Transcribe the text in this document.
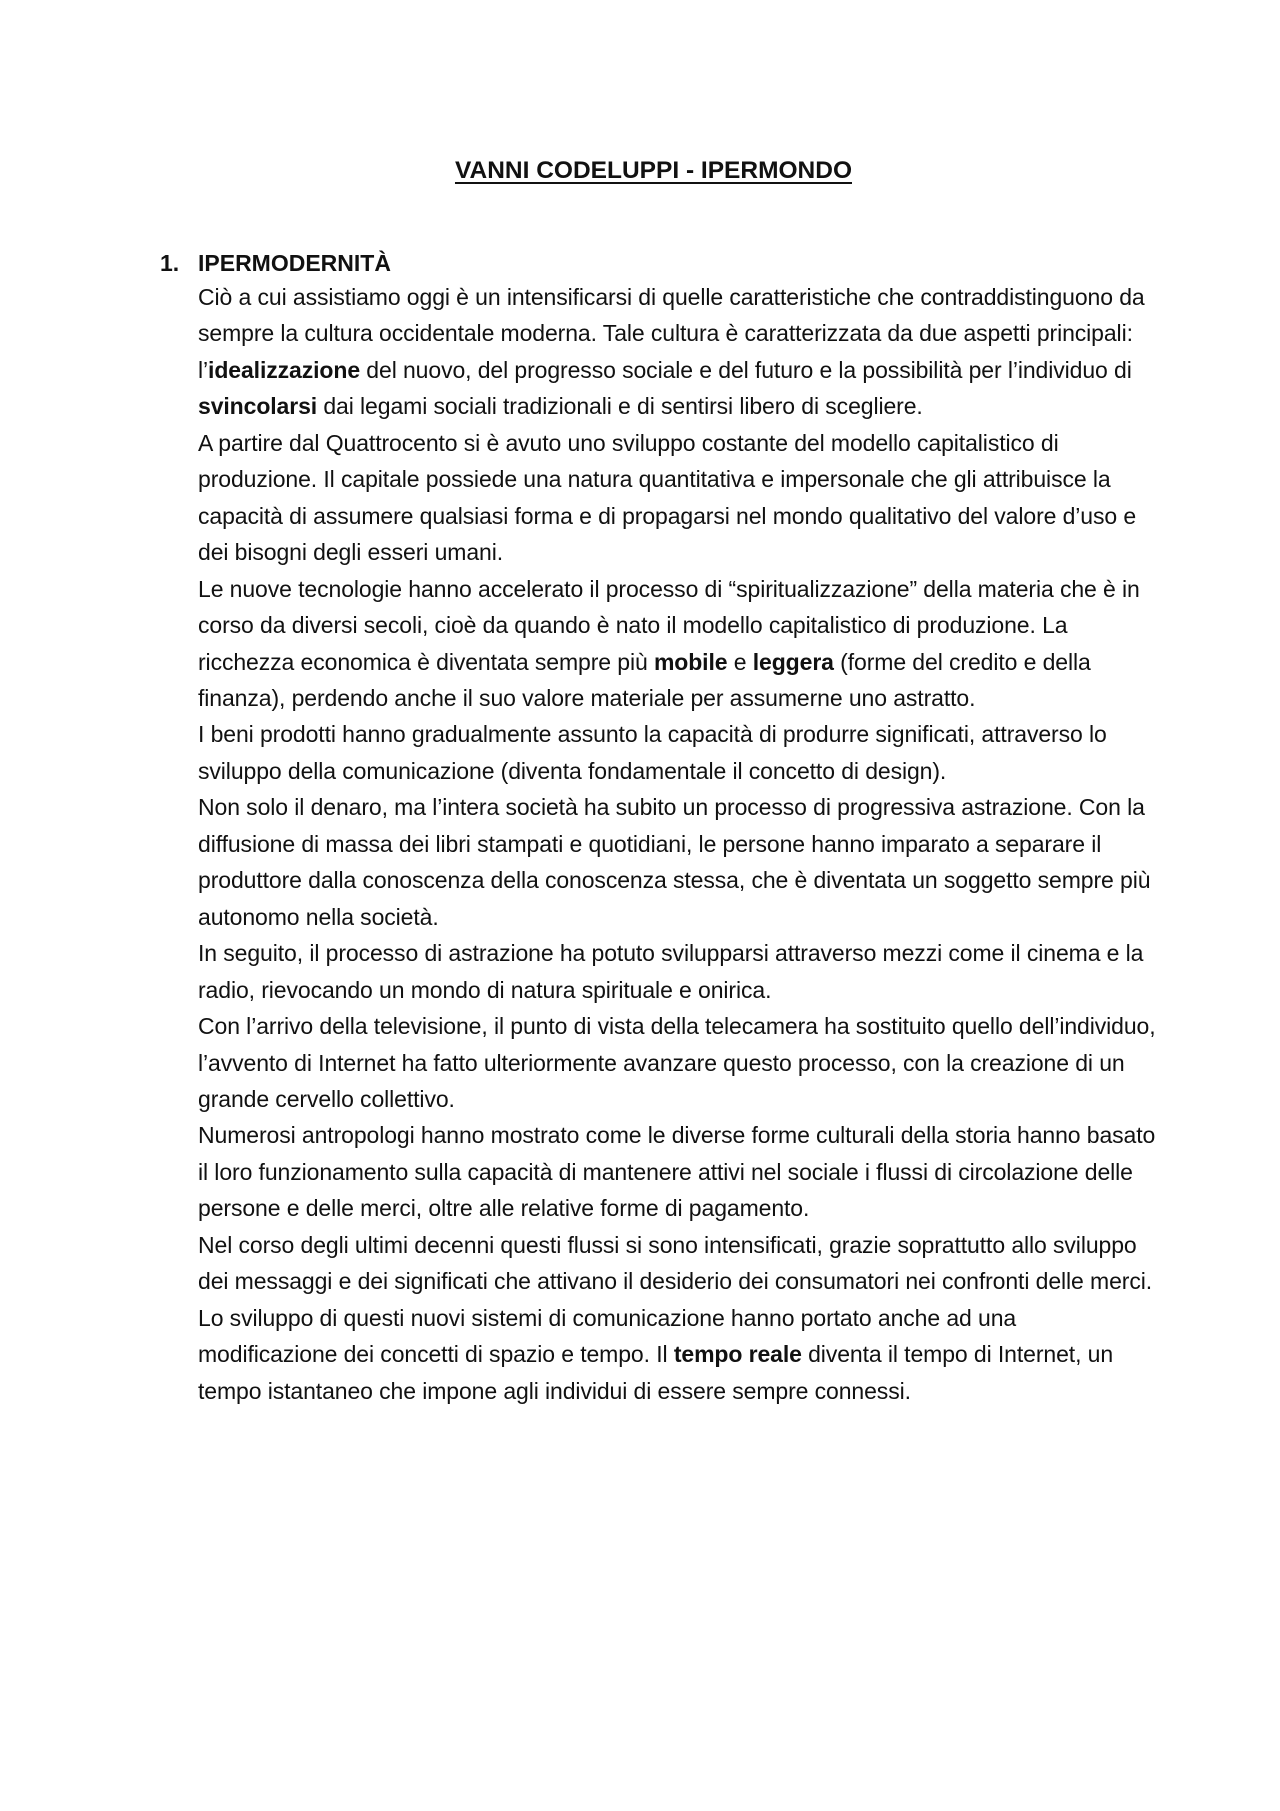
VANNI CODELUPPI - IPERMONDO
1. IPERMODERNITÀ

Ciò a cui assistiamo oggi è un intensificarsi di quelle caratteristiche che contraddistinguono da sempre la cultura occidentale moderna. Tale cultura è caratterizzata da due aspetti principali: l’idealizzazione del nuovo, del progresso sociale e del futuro e la possibilità per l’individuo di svincolarsi dai legami sociali tradizionali e di sentirsi libero di scegliere.

A partire dal Quattrocento si è avuto uno sviluppo costante del modello capitalistico di produzione. Il capitale possiede una natura quantitativa e impersonale che gli attribuisce la capacità di assumere qualsiasi forma e di propagarsi nel mondo qualitativo del valore d’uso e dei bisogni degli esseri umani.

Le nuove tecnologie hanno accelerato il processo di “spiritualizzazione” della materia che è in corso da diversi secoli, cioè da quando è nato il modello capitalistico di produzione. La ricchezza economica è diventata sempre più mobile e leggera (forme del credito e della finanza), perdendo anche il suo valore materiale per assumerne uno astratto.

I beni prodotti hanno gradualmente assunto la capacità di produrre significati, attraverso lo sviluppo della comunicazione (diventa fondamentale il concetto di design).

Non solo il denaro, ma l’intera società ha subito un processo di progressiva astrazione. Con la diffusione di massa dei libri stampati e quotidiani, le persone hanno imparato a separare il produttore dalla conoscenza della conoscenza stessa, che è diventata un soggetto sempre più autonomo nella società.

In seguito, il processo di astrazione ha potuto svilupparsi attraverso mezzi come il cinema e la radio, rievocando un mondo di natura spirituale e onirica.

Con l’arrivo della televisione, il punto di vista della telecamera ha sostituito quello dell’individuo, l’avvento di Internet ha fatto ulteriormente avanzare questo processo, con la creazione di un grande cervello collettivo.

Numerosi antropologi hanno mostrato come le diverse forme culturali della storia hanno basato il loro funzionamento sulla capacità di mantenere attivi nel sociale i flussi di circolazione delle persone e delle merci, oltre alle relative forme di pagamento.

Nel corso degli ultimi decenni questi flussi si sono intensificati, grazie soprattutto allo sviluppo dei messaggi e dei significati che attivano il desiderio dei consumatori nei confronti delle merci.

Lo sviluppo di questi nuovi sistemi di comunicazione hanno portato anche ad una modificazione dei concetti di spazio e tempo. Il tempo reale diventa il tempo di Internet, un tempo istantaneo che impone agli individui di essere sempre connessi.
